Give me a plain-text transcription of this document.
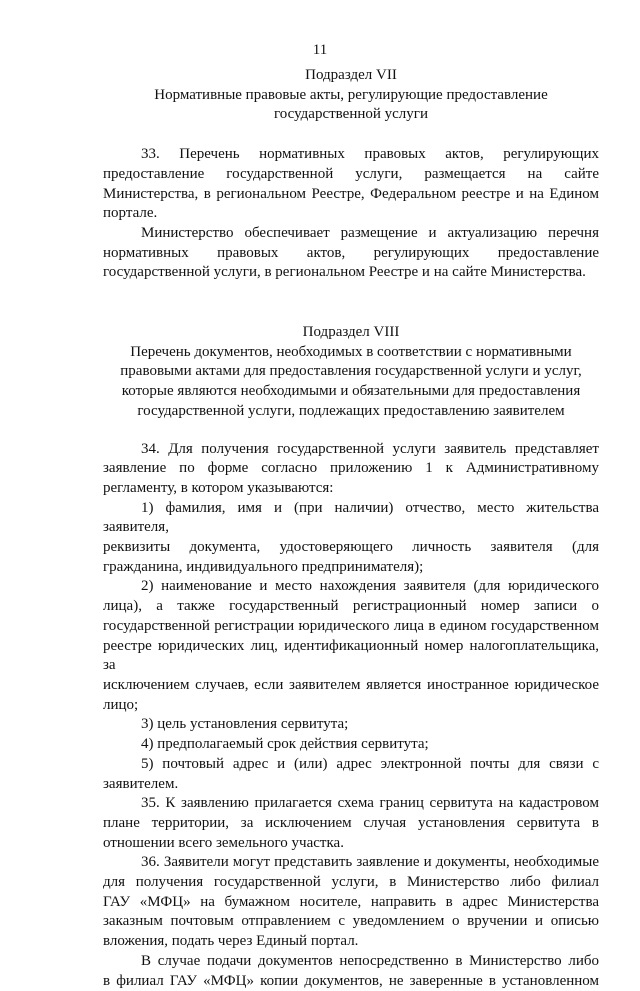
11

Подраздел VII

Нормативные правовые акты, регулирующие предоставление

государственной услуги

33. Перечень нормативных правовых актов, регулирующих
предоставление государственной услуги, размещается на сайте
Министерства, в региональном Реестре, Федеральном реестре и на Едином
портале.
Министерство обеспечивает размещение и актуализацию перечня
нормативных правовых актов, регулирующих предоставление
государственной услуги, в региональном Реестре и на сайте Министерства.

Подраздел VIII

Перечень документов, необходимых в соответствии с нормативными

правовыми актами для предоставления государственной услуги и услуг,

которые являются необходимыми и обязательными для предоставления

государственной услуги, подлежащих предоставлению заявителем

34. Для получения государственной услуги заявитель представляет
заявление по форме согласно приложению 1 к Административному
регламенту, в котором указываются:
1) фамилия, имя и (при наличии) отчество, место жительства заявителя,
реквизиты документа, удостоверяющего личность заявителя (для
гражданина, индивидуального предпринимателя);
2) наименование и место нахождения заявителя (для юридического
лица), а также государственный регистрационный номер записи о
государственной регистрации юридического лица в едином государственном
реестре юридических лиц, идентификационный номер налогоплательщика, за
исключением случаев, если заявителем является иностранное юридическое
лицо;
3) цель установления сервитута;
4) предполагаемый срок действия сервитута;
5) почтовый адрес и (или) адрес электронной почты для связи с
заявителем.
35. К заявлению прилагается схема границ сервитута на кадастровом
плане территории, за исключением случая установления сервитута в
отношении всего земельного участка.
36. Заявители могут представить заявление и документы, необходимые
для получения государственной услуги, в Министерство либо филиал
ГАУ «МФЦ» на бумажном носителе, направить в адрес Министерства
заказным почтовым отправлением с уведомлением о вручении и описью
вложения, подать через Единый портал.
В случае подачи документов непосредственно в Министерство либо
в филиал ГАУ «МФЦ» копии документов, не заверенные в установленном
